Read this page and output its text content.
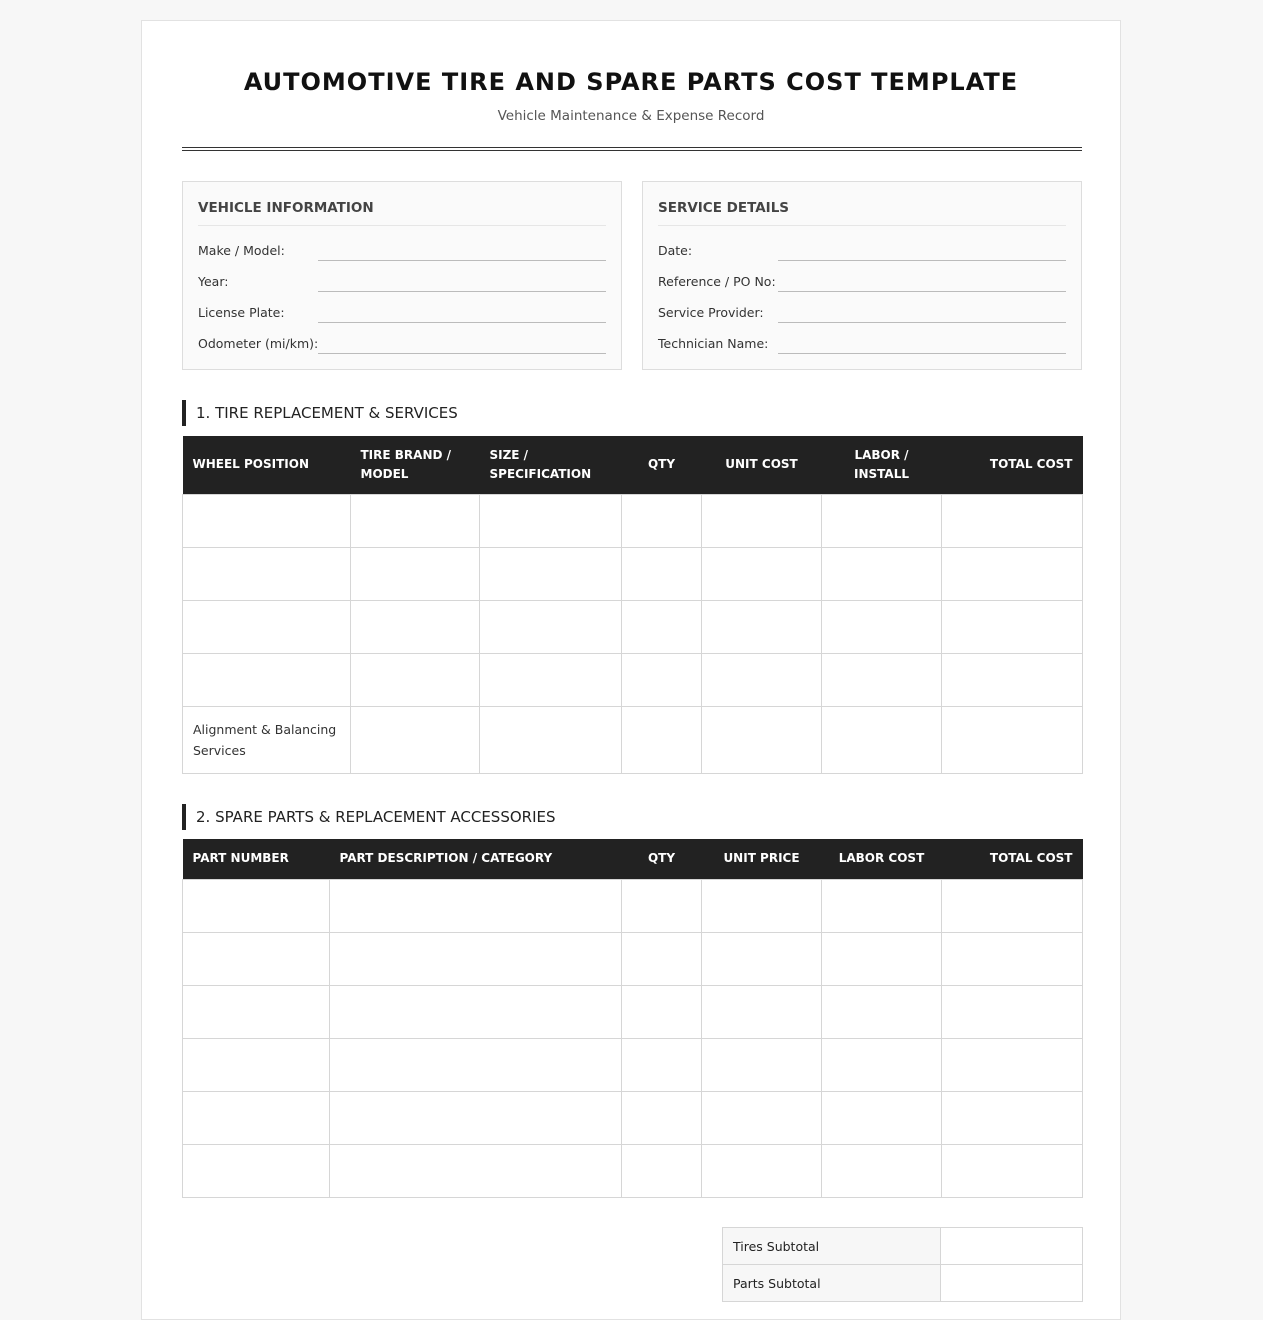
AUTOMOTIVE TIRE AND SPARE PARTS COST TEMPLATE
Vehicle Maintenance & Expense Record
VEHICLE INFORMATION
Make / Model:
Year:
License Plate:
Odometer (mi/km):
SERVICE DETAILS
Date:
Reference / PO No:
Service Provider:
Technician Name:
1. TIRE REPLACEMENT & SERVICES
WHEEL POSITION	TIRE BRAND / MODEL	SIZE / SPECIFICATION	QTY	UNIT COST	LABOR / INSTALL	TOTAL COST

Alignment & Balancing Services						
2. SPARE PARTS & REPLACEMENT ACCESSORIES
PART NUMBER	PART DESCRIPTION / CATEGORY	QTY	UNIT PRICE	LABOR COST	TOTAL COST

Tires Subtotal	
Parts Subtotal	
